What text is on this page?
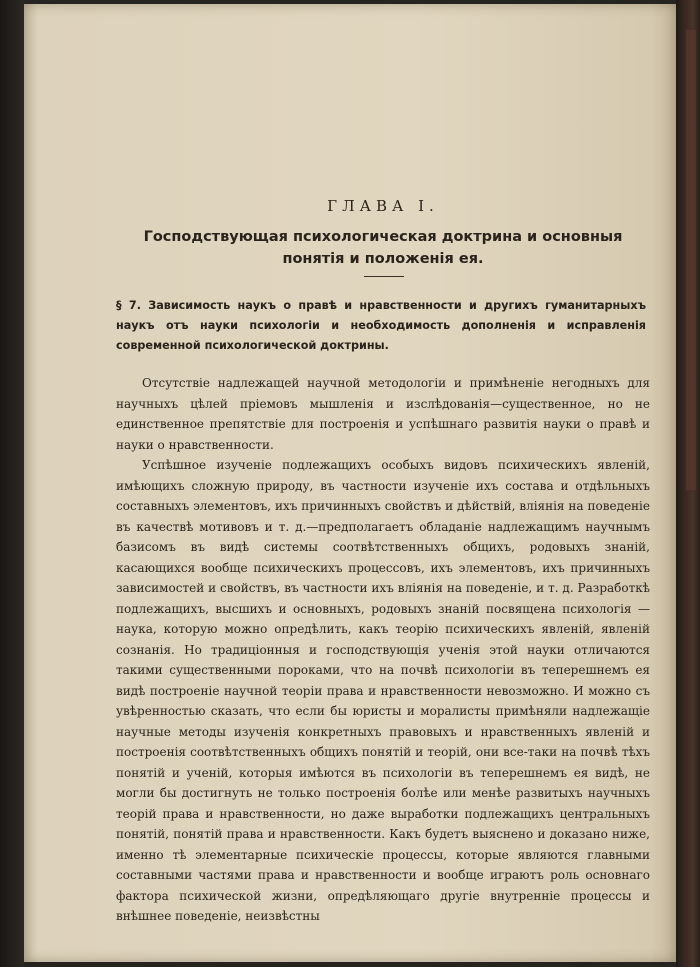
ГЛАВА I.
Господствующая психологическая доктрина и основныя понятія и положенія ея.
§ 7. Зависимость наукъ о правѣ и нравственности и другихъ гуманитарныхъ наукъ отъ науки психологіи и необходимость дополненія и исправленія современной психологической доктрины.

Отсутствіе надлежащей научной методологіи и примѣненіе негодныхъ для научныхъ цѣлей пріемовъ мышленія и изслѣдованія—существенное, но не единственное препятствіе для построенія и успѣшнаго развитія науки о правѣ и науки о нравственности.

Успѣшное изученіе подлежащихъ особыхъ видовъ психическихъ явленій, имѣющихъ сложную природу, въ частности изученіе ихъ состава и отдѣльныхъ составныхъ элементовъ, ихъ причинныхъ свойствъ и дѣйствій, вліянія на поведеніе въ качествѣ мотивовъ и т. д.—предполагаетъ обладаніе надлежащимъ научнымъ базисомъ въ видѣ системы соотвѣтственныхъ общихъ, родовыхъ знаній, касающихся вообще психическихъ процессовъ, ихъ элементовъ, ихъ причинныхъ зависимостей и свойствъ, въ частности ихъ вліянія на поведеніе, и т. д. Разработкѣ подлежащихъ, высшихъ и основныхъ, родовыхъ знаній посвящена психологія — наука, которую можно опредѣлить, какъ теорію психическихъ явленій, явленій сознанія. Но традиціонныя и господствующія ученія этой науки отличаются такими существенными пороками, что на почвѣ психологіи въ теперешнемъ ея видѣ построеніе научной теоріи права и нравственности невозможно. И можно съ увѣренностью сказать, что если бы юристы и моралисты примѣняли надлежащіе научные методы изученія конкретныхъ правовыхъ и нравственныхъ явленій и построенія соотвѣтственныхъ общихъ понятій и теорій, они все-таки на почвѣ тѣхъ понятій и ученій, которыя имѣются въ психологіи въ теперешнемъ ея видѣ, не могли бы достигнуть не только построенія болѣе или менѣе развитыхъ научныхъ теорій права и нравственности, но даже выработки подлежащихъ центральныхъ понятій, понятій права и нравственности. Какъ будетъ выяснено и доказано ниже, именно тѣ элементарные психическіе процессы, которые являются главными составными частями права и нравственности и вообще играютъ роль основнаго фактора психической жизни, опредѣляющаго другіе внутренніе процессы и внѣшнее поведеніе, неизвѣстны
